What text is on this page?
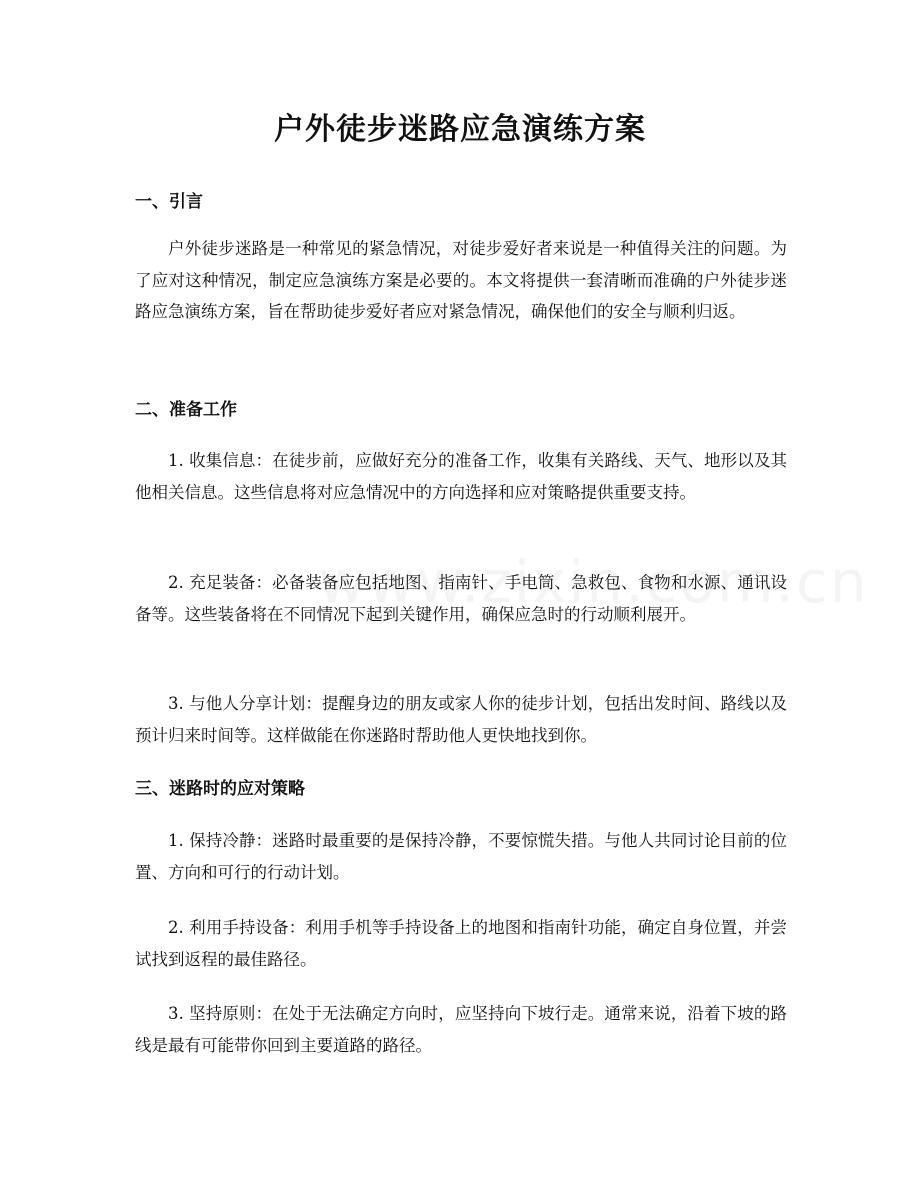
户外徒步迷路应急演练方案
一、引言

户外徒步迷路是一种常见的紧急情况，对徒步爱好者来说是一种值得关注的问题。为了应对这种情况，制定应急演练方案是必要的。本文将提供一套清晰而准确的户外徒步迷路应急演练方案，旨在帮助徒步爱好者应对紧急情况，确保他们的安全与顺利归返。

二、准备工作

1. 收集信息：在徒步前，应做好充分的准备工作，收集有关路线、天气、地形以及其他相关信息。这些信息将对应急情况中的方向选择和应对策略提供重要支持。

2. 充足装备：必备装备应包括地图、指南针、手电筒、急救包、食物和水源、通讯设备等。这些装备将在不同情况下起到关键作用，确保应急时的行动顺利展开。

3. 与他人分享计划：提醒身边的朋友或家人你的徒步计划，包括出发时间、路线以及预计归来时间等。这样做能在你迷路时帮助他人更快地找到你。

三、迷路时的应对策略

1. 保持冷静：迷路时最重要的是保持冷静，不要惊慌失措。与他人共同讨论目前的位置、方向和可行的行动计划。

2. 利用手持设备：利用手机等手持设备上的地图和指南针功能，确定自身位置，并尝试找到返程的最佳路径。

3. 坚持原则：在处于无法确定方向时，应坚持向下坡行走。通常来说，沿着下坡的路线是最有可能带你回到主要道路的路径。
